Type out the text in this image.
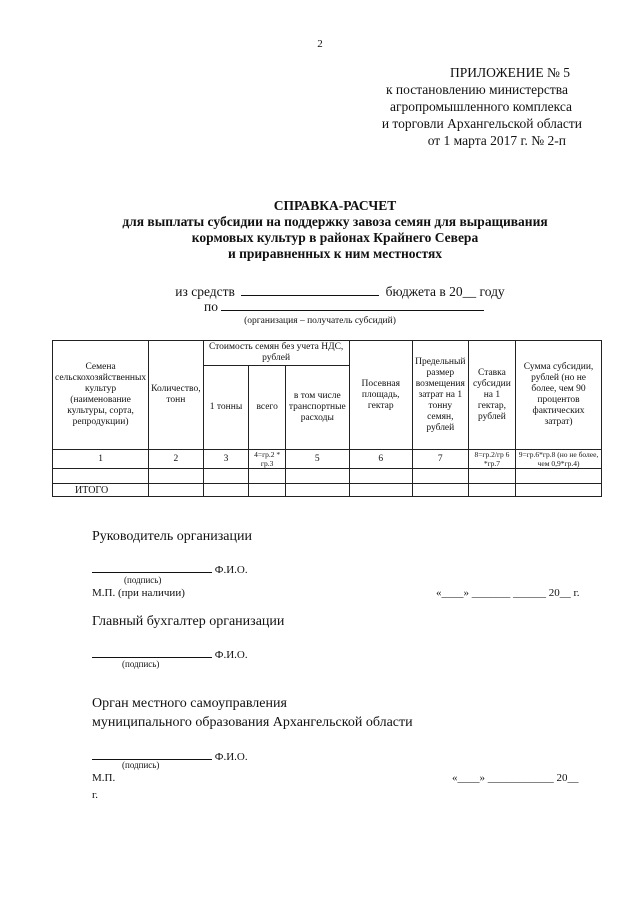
2
ПРИЛОЖЕНИЕ № 5
к постановлению министерства
агропромышленного комплекса
и торговли Архангельской области
от 1 марта 2017 г. № 2-п
СПРАВКА-РАСЧЕТ
для выплаты субсидии на поддержку завоза семян для выращивания
кормовых культур в районах Крайнего Севера
и приравненных к ним местностях
из средств	бюджета в 20__ году
по
(организация – получатель субсидий)
Семена сельскохозяйственных культур (наименование культуры, сорта, репродукции)	Количество, тонн	Стоимость семян без учета НДС, рублей			Посевная площадь, гектар	Предельный размер возмещения затрат на 1 тонну семян, рублей	Ставка субсидии на 1 гектар, рублей	Сумма субсидии, рублей (но не более, чем 90 процентов фактических затрат)
		1 тонны	всего	в том числе транспортные расходы				
1	2	3	4=гр.2 * гр.3	5	6	7	8=гр.2/гр 6 *гр.7	9=гр.6*гр.8 (но не более, чем 0,9*гр.4)

ИТОГО								
Руководитель организации
Ф.И.О.
(подпись)
М.П. (при наличии)	«____» _______ ______ 20__ г.
Главный бухгалтер организации
Ф.И.О.
(подпись)
Орган местного самоуправления
муниципального образования Архангельской области
Ф.И.О.
(подпись)
М.П.	«____» ____________ 20__
г.
